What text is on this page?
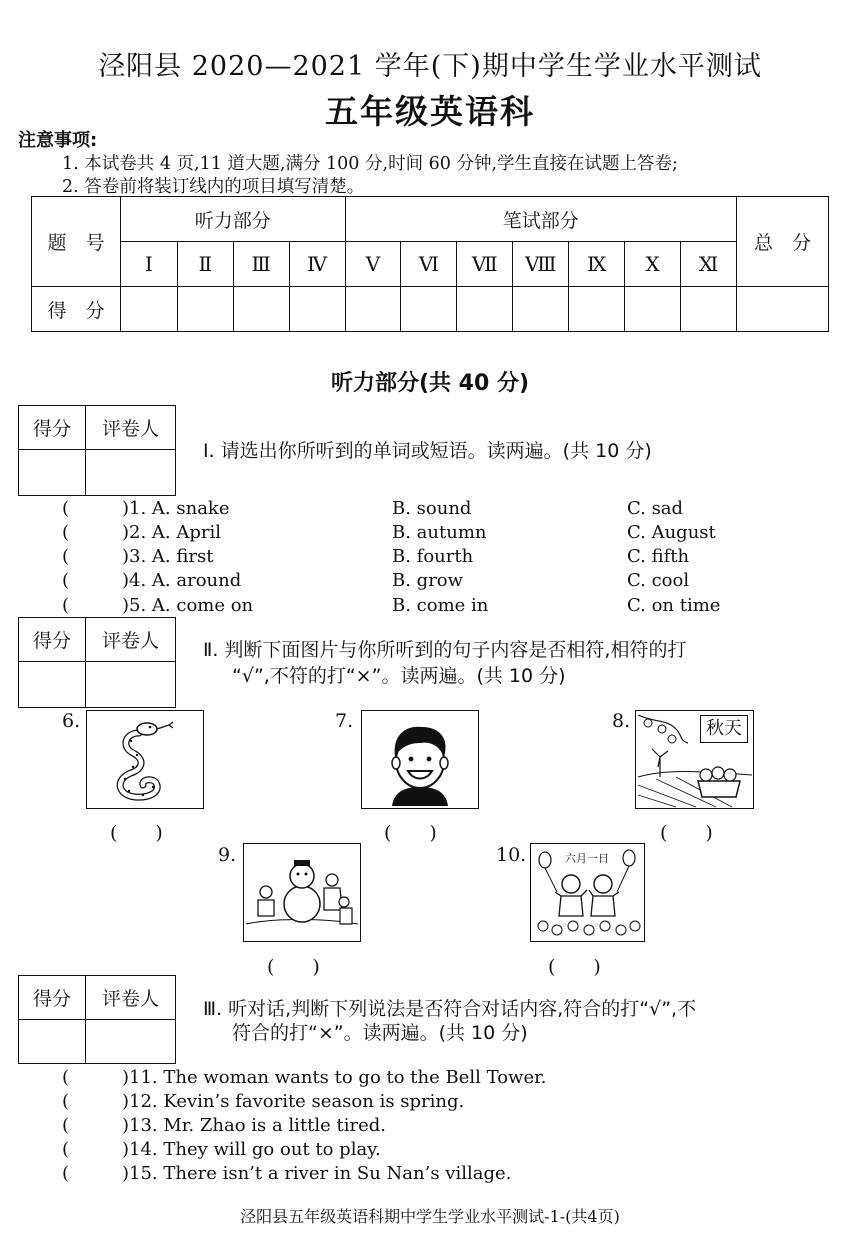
泾阳县 2020—2021 学年(下)期中学生学业水平测试
五年级英语科
注意事项:
1. 本试卷共 4 页,11 道大题,满分 100 分,时间 60 分钟,学生直接在试题上答卷;
2. 答卷前将装订线内的项目填写清楚。
题　号	听力部分				笔试部分							总　分
	Ⅰ	Ⅱ	Ⅲ	Ⅳ	Ⅴ	Ⅵ	Ⅶ	Ⅷ	Ⅸ	Ⅹ	Ⅺ	
得　分												
听力部分(共 40 分)
得分	评卷人

Ⅰ. 请选出你所听到的单词或短语。读两遍。(共 10 分)
(	)1. A. snake	B. sound	C. sad
(	)2. A. April	B. autumn	C. August
(	)3. A. first	B. fourth	C. fifth
(	)4. A. around	B. grow	C. cool
(	)5. A. come on	B. come in	C. on time
得分	评卷人
	Ⅱ. 判断下面图片与你所听到的句子内容是否相符,相符的打
“√”,不符的打“×”。读两遍。(共 10 分)
6.
(　　)
7.
(　　)
8.	秋天
(　　)
9.
(　　)
10.	六月一日
(　　)
得分	评卷人
	Ⅲ. 听对话,判断下列说法是否符合对话内容,符合的打“√”,不
符合的打“×”。读两遍。(共 10 分)
(	)11. The woman wants to go to the Bell Tower.
(	)12. Kevin’s favorite season is spring.
(	)13. Mr. Zhao is a little tired.
(	)14. They will go out to play.
(	)15. There isn’t a river in Su Nan’s village.
泾阳县五年级英语科期中学生学业水平测试-1-(共4页)
